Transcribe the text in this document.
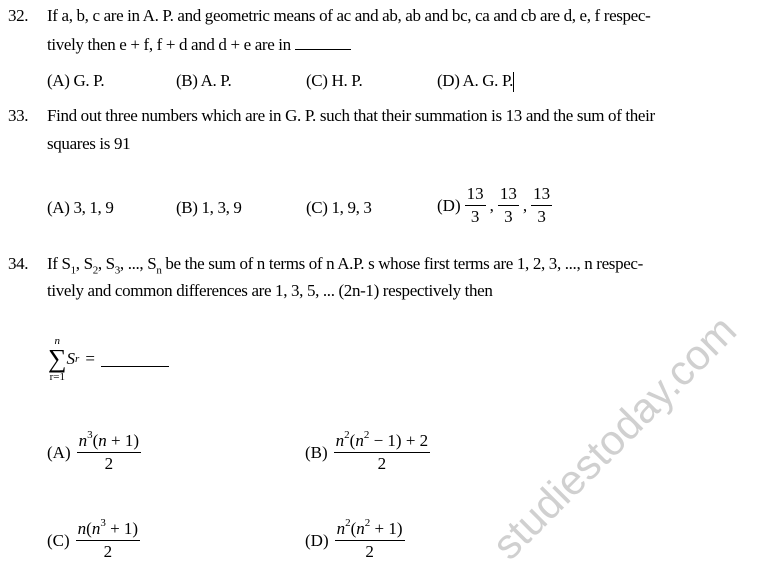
studiestoday.com
32. If a, b, c are in A. P. and geometric means of ac and ab, ab and bc, ca and cb are d, e, f respec-
tively then e + f, f + d and d + e are in
(A) G. P.	(B) A. P.	(C) H. P.	(D) A. G. P.
33. Find out three numbers which are in G. P. such that their summation is 13 and the sum of their
squares is 91
(A) 3, 1, 9	(B) 1, 3, 9	(C) 1, 9, 3	$(D) \frac{13}{3}$ , $\frac{13}{3}$ , $\frac{13}{3}$
34. If $S_1$, $S_2$, $S_3$, ..., $S_n$ be the sum of n terms of n A.P. s whose first terms are 1, 2, 3, ..., n respec-
tively and common differences are 1, 3, 5, ... (2n-1) respectively then
n
∑
r=1
S r =
$(A) \frac{n^3(n + 1)}{2}$	$(B) \frac{n^2(n^2 - 1) + 2}{2}$
$(C) \frac{n(n^3 + 1)}{2}$	$(D) \frac{n^2(n^2 + 1)}{2}$
